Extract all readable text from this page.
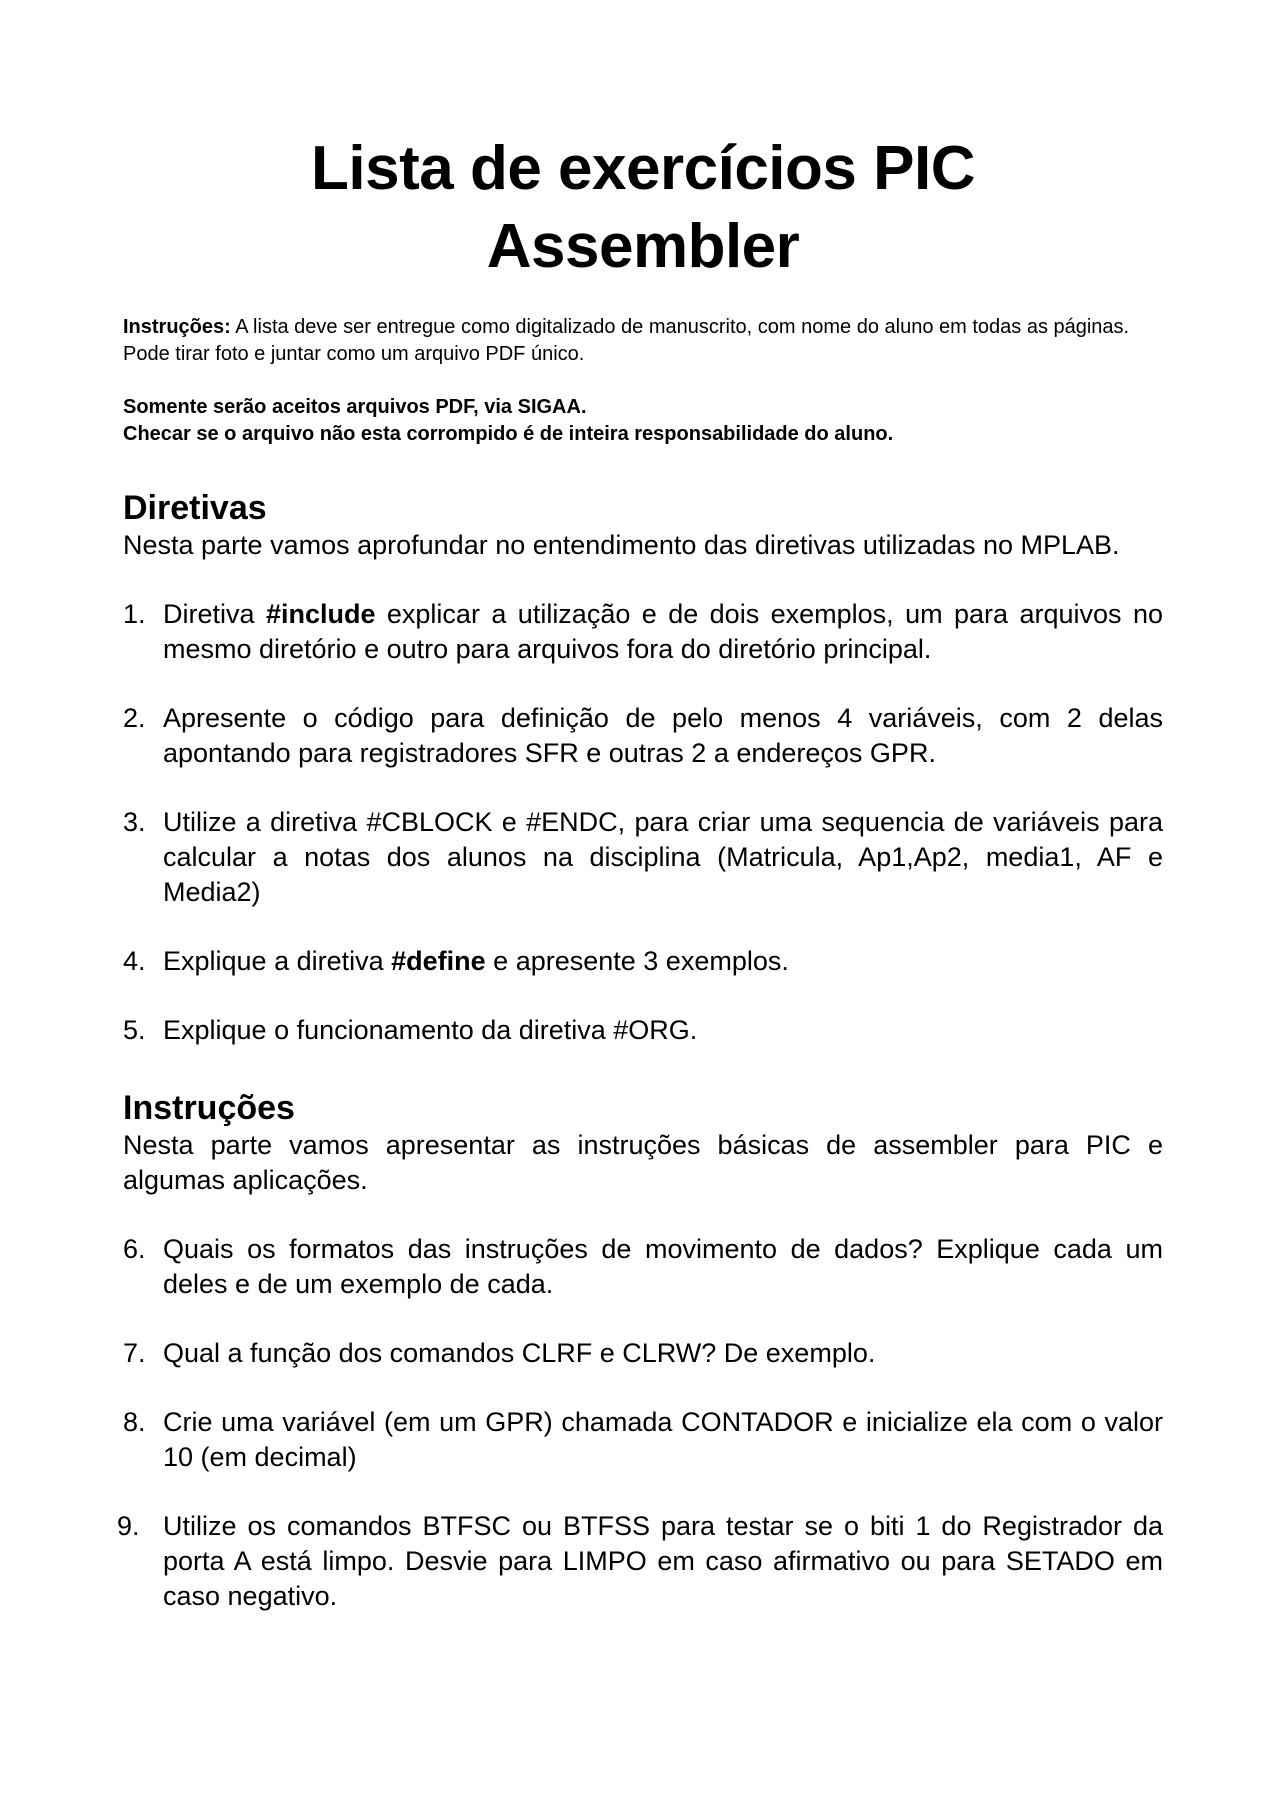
Lista de exercícios PIC
Assembler
Instruções: A lista deve ser entregue como digitalizado de manuscrito, com nome do aluno em todas as páginas. Pode tirar foto e juntar como um arquivo PDF único.
Somente serão aceitos arquivos PDF, via SIGAA.
Checar se o arquivo não esta corrompido é de inteira responsabilidade do aluno.
Diretivas

Nesta parte vamos aprofundar no entendimento das diretivas utilizadas no MPLAB.

1. Diretiva #include explicar a utilização e de dois exemplos, um para arquivos no mesmo diretório e outro para arquivos fora do diretório principal.
2. Apresente o código para definição de pelo menos 4 variáveis, com 2 delas apontando para registradores SFR e outras 2 a endereços GPR.
3. Utilize a diretiva #CBLOCK e #ENDC, para criar uma sequencia de variáveis para calcular a notas dos alunos na disciplina (Matricula, Ap1,Ap2, media1, AF e Media2)
4. Explique a diretiva #define e apresente 3 exemplos.
5. Explique o funcionamento da diretiva #ORG.
Instruções

Nesta parte vamos apresentar as instruções básicas de assembler para PIC e algumas aplicações.

6. Quais os formatos das instruções de movimento de dados? Explique cada um deles e de um exemplo de cada.
7. Qual a função dos comandos CLRF e CLRW? De exemplo.
8. Crie uma variável (em um GPR) chamada CONTADOR e inicialize ela com o valor 10 (em decimal)
9. Utilize os comandos BTFSC ou BTFSS para testar se o biti 1 do Registrador da porta A está limpo. Desvie para LIMPO em caso afirmativo ou para SETADO em caso negativo.
